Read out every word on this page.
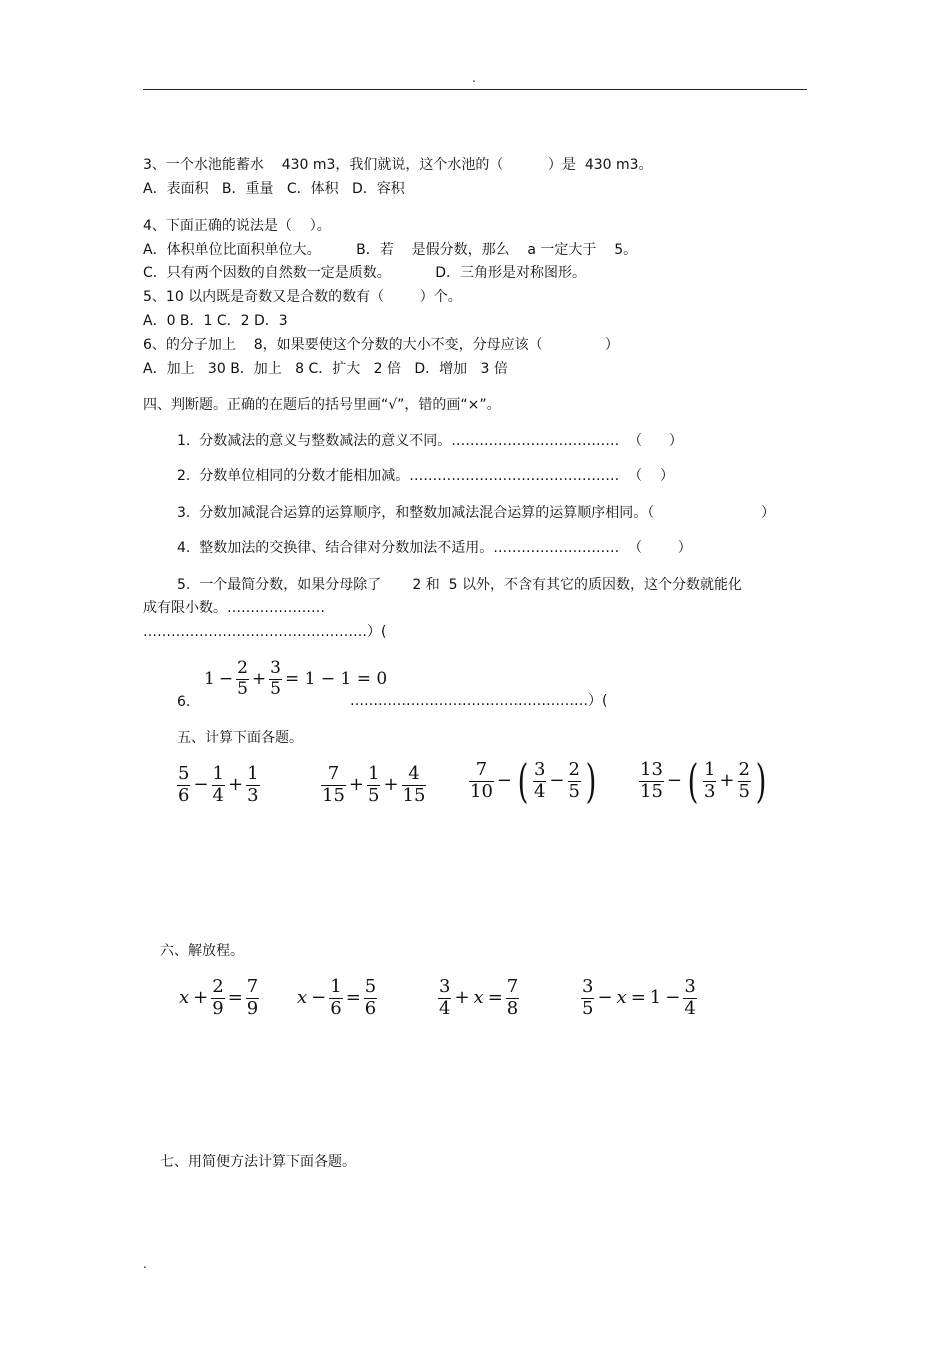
.
3、一个水池能蓄水    430 m3，我们就说，这个水池的（          ）是  430 m3。
A．表面积   B．重量   C．体积   D．容积
4、下面正确的说法是（    ）。
A．体积单位比面积单位大。        B．若    是假分数，那么    a 一定大于    5。
C．只有两个因数的自然数一定是质数。          D．三角形是对称图形。
5、10 以内既是奇数又是合数的数有（        ）个。
A．0 B．1 C．2 D．3
6、的分子加上    8，如果要使这个分数的大小不变，分母应该（              ）
A．加上   30 B．加上   8 C．扩大   2 倍   D．增加   3 倍
四、判断题。正确的在题后的括号里画“√”，错的画“×”。
1.  分数减法的意义与整数减法的意义不同。………………………………  （      ）
2.  分数单位相同的分数才能相加减。………………………………………  （    ）
3.  分数加减混合运算的运算顺序，和整数加减法混合运算的运算顺序相同。（                        ）
4.  整数加法的交换律、结合律对分数加法不适用。………………………  （        ）
5.  一个最简分数，如果分母除了       2 和  5 以外，不含有其它的质因数，这个分数就能化
成有限小数。…………………
…………………………………………）(
6.
$1 - \frac{2}{5} + \frac{3}{5} = 1 - 1 = 0$
……………………………………………）(
五、计算下面各题。
$\frac{5}{6} - \frac{1}{4} + \frac{1}{3}$	$\frac{7}{15} + \frac{1}{5} + \frac{4}{15} \frac{7}{10}$ − ( $\frac{3}{4} - \frac{2}{5}$ ) $\frac{13}{15}$ − ( $\frac{1}{3} + \frac{2}{5}$ )
六、解放程。
$x + \frac{2}{9} = \frac{7}{9}$ $x - \frac{1}{6} = \frac{5}{6}$	$\frac{3}{4} + x = \frac{7}{8}$	$\frac{3}{5} - x = 1 - \frac{3}{4}$
七、用简便方法计算下面各题。
.
